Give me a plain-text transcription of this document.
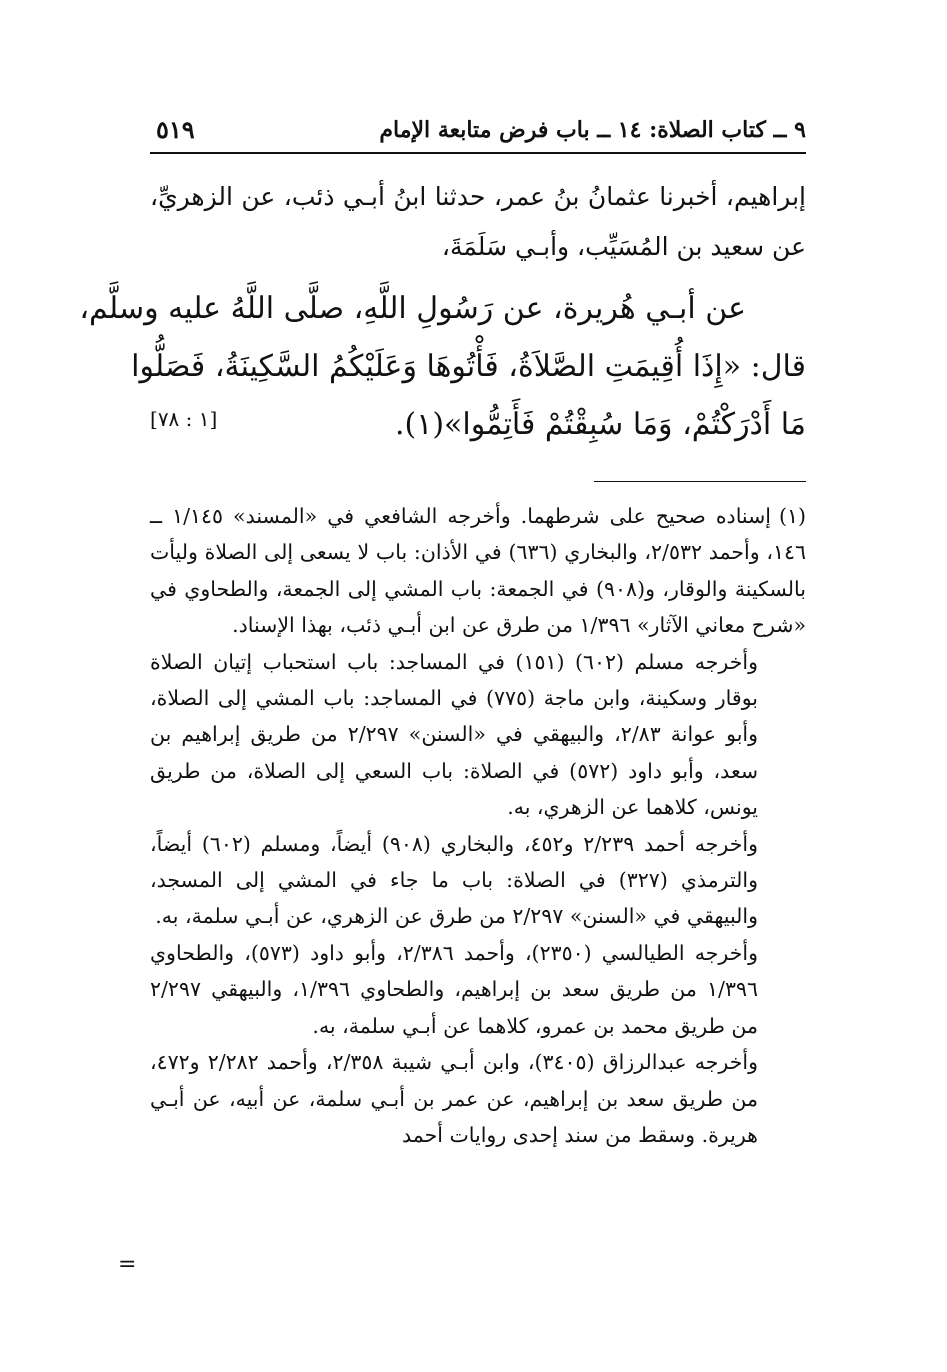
٩ ــ كتاب الصلاة: ١٤ ــ باب فرض متابعة الإمام
٥١٩

إبراهيم، أخبرنا عثمانُ بنُ عمر، حدثنا ابنُ أبـي ذئب، عن الزهريِّ، عن سعيد بن المُسَيِّب، وأبـي سَلَمَةَ،

عن أبـي هُريرة، عن رَسُولِ اللَّهِ، صلَّى اللَّهُ عليه وسلَّم،
قال: «إِذَا أُقِيمَتِ الصَّلاَةُ، فَأْتُوهَا وَعَلَيْكُمُ السَّكِينَةُ، فَصَلُّوا
مَا أَدْرَكْتُمْ، وَمَا سُبِقْتُمْ فَأَتِمُّوا»(١).
[١ : ٧٨]

(١)إسناده صحيح على شرطهما. وأخرجه الشافعي في «المسند» ١/١٤٥ ــ ١٤٦، وأحمد ٢/٥٣٢، والبخاري (٦٣٦) في الأذان: باب لا يسعى إلى الصلاة وليأت بالسكينة والوقار، و(٩٠٨) في الجمعة: باب المشي إلى الجمعة، والطحاوي في «شرح معاني الآثار» ١/٣٩٦ من طرق عن ابن أبـي ذئب، بهذا الإسناد.

وأخرجه مسلم (٦٠٢) (١٥١) في المساجد: باب استحباب إتيان الصلاة بوقار وسكينة، وابن ماجة (٧٧٥) في المساجد: باب المشي إلى الصلاة، وأبو عوانة ٢/٨٣، والبيهقي في «السنن» ٢/٢٩٧ من طريق إبراهيم بن سعد، وأبو داود (٥٧٢) في الصلاة: باب السعي إلى الصلاة، من طريق يونس، كلاهما عن الزهري، به.

وأخرجه أحمد ٢/٢٣٩ و٤٥٢، والبخاري (٩٠٨) أيضاً، ومسلم (٦٠٢) أيضاً، والترمذي (٣٢٧) في الصلاة: باب ما جاء في المشي إلى المسجد، والبيهقي في «السنن» ٢/٢٩٧ من طرق عن الزهري، عن أبـي سلمة، به.

وأخرجه الطيالسي (٢٣٥٠)، وأحمد ٢/٣٨٦، وأبو داود (٥٧٣)، والطحاوي ١/٣٩٦ من طريق سعد بن إبراهيم، والطحاوي ١/٣٩٦، والبيهقي ٢/٢٩٧ من طريق محمد بن عمرو، كلاهما عن أبـي سلمة، به.

وأخرجه عبدالرزاق (٣٤٠٥)، وابن أبـي شيبة ٢/٣٥٨، وأحمد ٢/٢٨٢ و٤٧٢، من طريق سعد بن إبراهيم، عن عمر بن أبـي سلمة، عن أبيه، عن أبـي هريرة. وسقط من سند إحدى روايات أحمد

=
